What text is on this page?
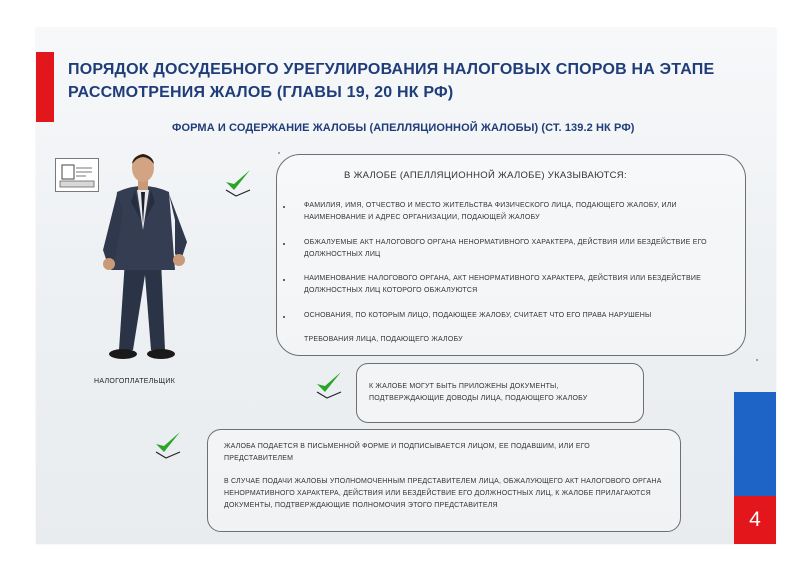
ПОРЯДОК ДОСУДЕБНОГО УРЕГУЛИРОВАНИЯ НАЛОГОВЫХ СПОРОВ НА ЭТАПЕ РАССМОТРЕНИЯ ЖАЛОБ (ГЛАВЫ 19, 20 НК РФ)
ФОРМА И СОДЕРЖАНИЕ ЖАЛОБЫ (АПЕЛЛЯЦИОННОЙ ЖАЛОБЫ) (СТ. 139.2 НК РФ)
НАЛОГОПЛАТЕЛЬЩИК
В ЖАЛОБЕ (АПЕЛЛЯЦИОННОЙ ЖАЛОБЕ) УКАЗЫВАЮТСЯ:
ФАМИЛИЯ, ИМЯ, ОТЧЕСТВО И МЕСТО ЖИТЕЛЬСТВА ФИЗИЧЕСКОГО ЛИЦА, ПОДАЮЩЕГО ЖАЛОБУ, ИЛИ НАИМЕНОВАНИЕ И АДРЕС ОРГАНИЗАЦИИ, ПОДАЮЩЕЙ ЖАЛОБУ
ОБЖАЛУЕМЫЕ АКТ НАЛОГОВОГО ОРГАНА НЕНОРМАТИВНОГО ХАРАКТЕРА, ДЕЙСТВИЯ ИЛИ БЕЗДЕЙСТВИЕ ЕГО ДОЛЖНОСТНЫХ ЛИЦ
НАИМЕНОВАНИЕ НАЛОГОВОГО ОРГАНА, АКТ НЕНОРМАТИВНОГО ХАРАКТЕРА, ДЕЙСТВИЯ ИЛИ БЕЗДЕЙСТВИЕ ДОЛЖНОСТНЫХ ЛИЦ КОТОРОГО ОБЖАЛУЮТСЯ
ОСНОВАНИЯ, ПО КОТОРЫМ ЛИЦО, ПОДАЮЩЕЕ ЖАЛОБУ, СЧИТАЕТ ЧТО ЕГО ПРАВА НАРУШЕНЫ
ТРЕБОВАНИЯ ЛИЦА, ПОДАЮЩЕГО ЖАЛОБУ
К ЖАЛОБЕ МОГУТ БЫТЬ ПРИЛОЖЕНЫ ДОКУМЕНТЫ, ПОДТВЕРЖДАЮЩИЕ ДОВОДЫ ЛИЦА, ПОДАЮЩЕГО ЖАЛОБУ
ЖАЛОБА ПОДАЕТСЯ В ПИСЬМЕННОЙ ФОРМЕ И ПОДПИСЫВАЕТСЯ ЛИЦОМ, ЕЕ ПОДАВШИМ, ИЛИ ЕГО ПРЕДСТАВИТЕЛЕМ
В СЛУЧАЕ ПОДАЧИ ЖАЛОБЫ УПОЛНОМОЧЕННЫМ ПРЕДСТАВИТЕЛЕМ ЛИЦА, ОБЖАЛУЮЩЕГО АКТ НАЛОГОВОГО ОРГАНА НЕНОРМАТИВНОГО ХАРАКТЕРА, ДЕЙСТВИЯ ИЛИ БЕЗДЕЙСТВИЕ ЕГО ДОЛЖНОСТНЫХ ЛИЦ, К ЖАЛОБЕ ПРИЛАГАЮТСЯ ДОКУМЕНТЫ, ПОДТВЕРЖДАЮЩИЕ ПОЛНОМОЧИЯ ЭТОГО ПРЕДСТАВИТЕЛЯ
4
